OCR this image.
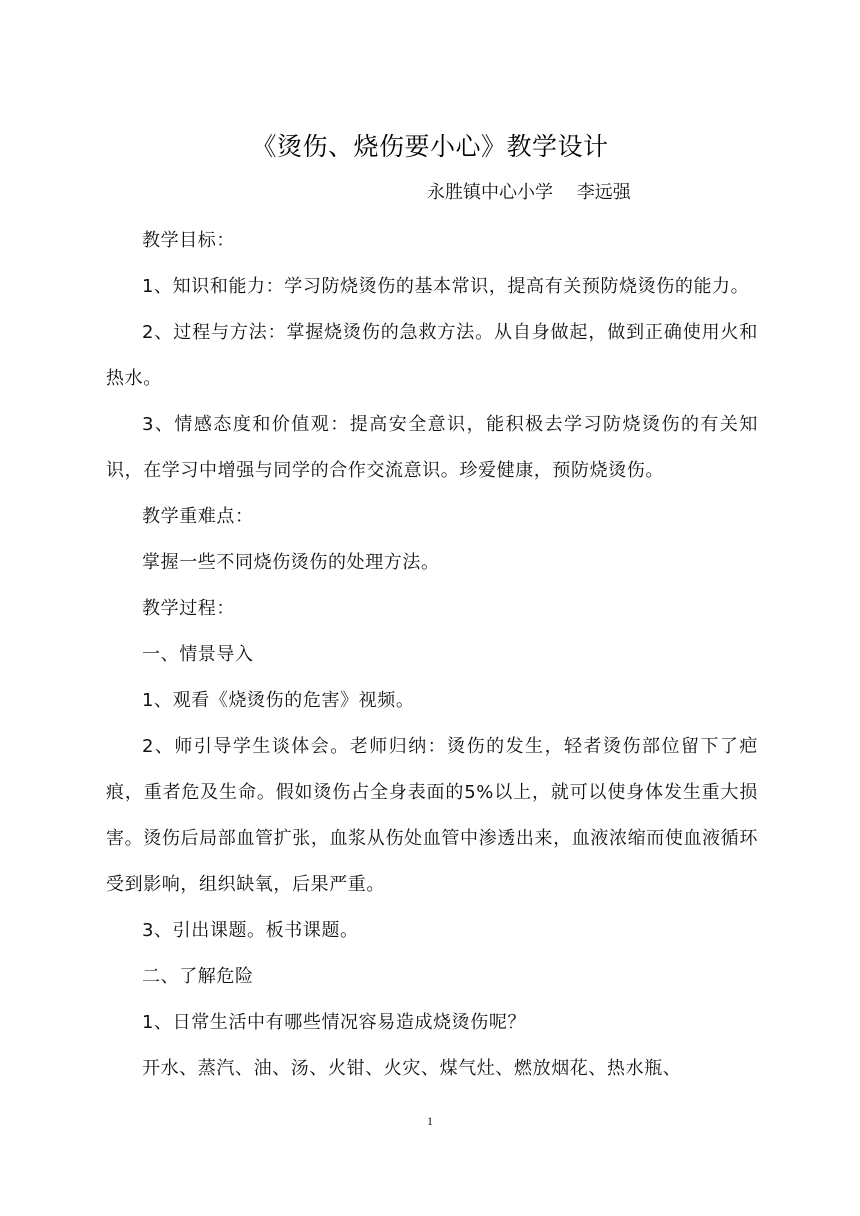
《烫伤、烧伤要小心》教学设计
永胜镇中心小学　 李远强

教学目标：

1、知识和能力：学习防烧烫伤的基本常识，提高有关预防烧烫伤的能力。

2、过程与方法：掌握烧烫伤的急救方法。从自身做起，做到正确使用火和热水。

3、情感态度和价值观：提高安全意识，能积极去学习防烧烫伤的有关知识，在学习中增强与同学的合作交流意识。珍爱健康，预防烧烫伤。

教学重难点：

掌握一些不同烧伤烫伤的处理方法。

教学过程：

一、情景导入

1、观看《烧烫伤的危害》视频。

2、师引导学生谈体会。老师归纳：烫伤的发生，轻者烫伤部位留下了疤痕，重者危及生命。假如烫伤占全身表面的5%以上，就可以使身体发生重大损害。烫伤后局部血管扩张，血浆从伤处血管中渗透出来，血液浓缩而使血液循环受到影响，组织缺氧，后果严重。

3、引出课题。板书课题。

二、了解危险

1、日常生活中有哪些情况容易造成烧烫伤呢？

开水、蒸汽、油、汤、火钳、火灾、煤气灶、燃放烟花、热水瓶、

1
